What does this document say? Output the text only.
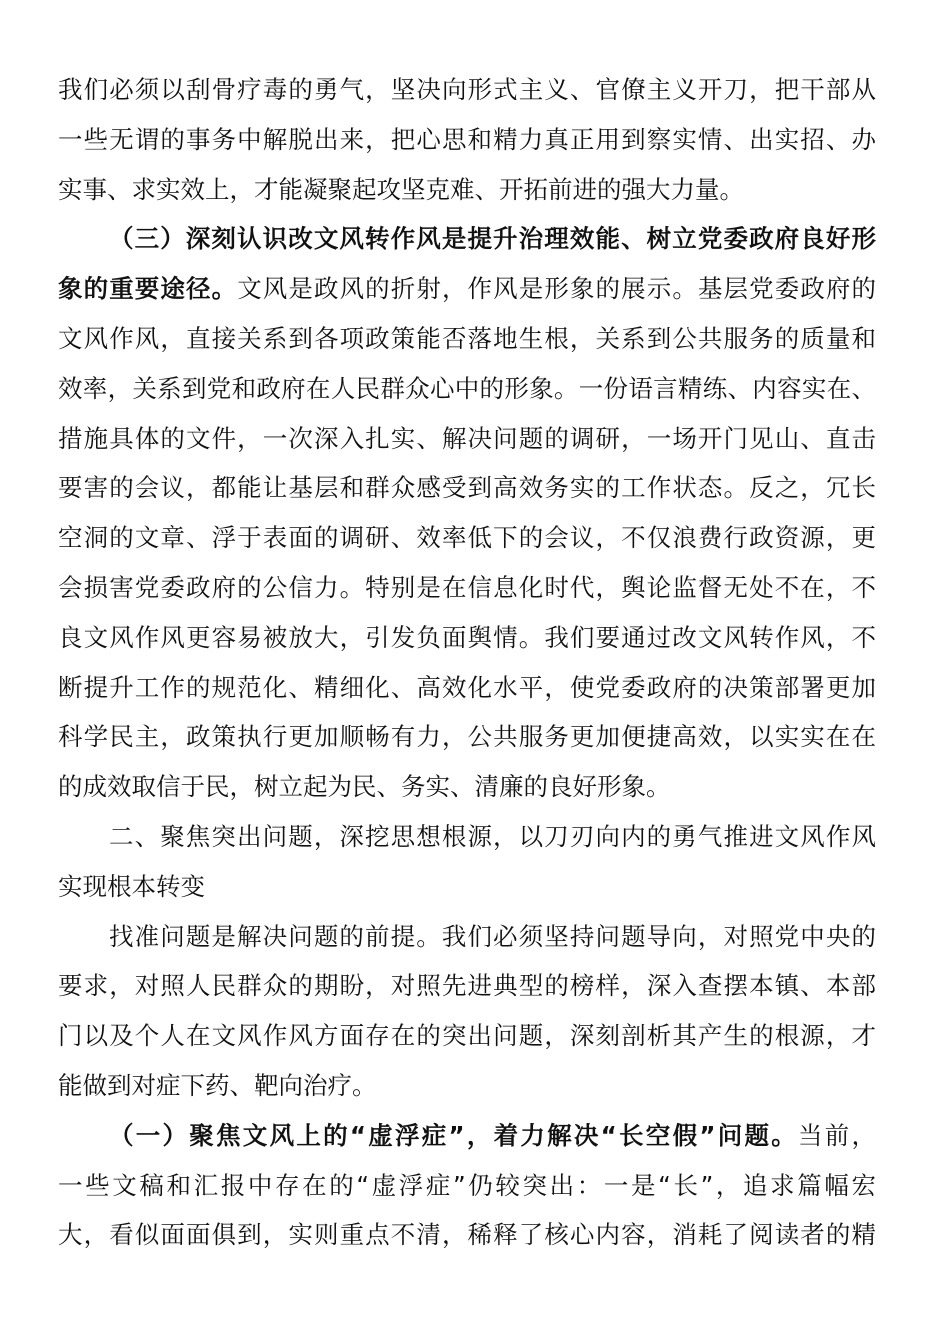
我们必须以刮骨疗毒的勇气，坚决向形式主义、官僚主义开刀，把干部从
一些无谓的事务中解脱出来，把心思和精力真正用到察实情、出实招、办
实事、求实效上，才能凝聚起攻坚克难、开拓前进的强大力量。
（三）深刻认识改文风转作风是提升治理效能、树立党委政府良好形
象的重要途径。文风是政风的折射，作风是形象的展示。基层党委政府的
文风作风，直接关系到各项政策能否落地生根，关系到公共服务的质量和
效率，关系到党和政府在人民群众心中的形象。一份语言精练、内容实在、
措施具体的文件，一次深入扎实、解决问题的调研，一场开门见山、直击
要害的会议，都能让基层和群众感受到高效务实的工作状态。反之，冗长
空洞的文章、浮于表面的调研、效率低下的会议，不仅浪费行政资源，更
会损害党委政府的公信力。特别是在信息化时代，舆论监督无处不在，不
良文风作风更容易被放大，引发负面舆情。我们要通过改文风转作风，不
断提升工作的规范化、精细化、高效化水平，使党委政府的决策部署更加
科学民主，政策执行更加顺畅有力，公共服务更加便捷高效，以实实在在
的成效取信于民，树立起为民、务实、清廉的良好形象。
二、聚焦突出问题，深挖思想根源，以刀刃向内的勇气推进文风作风
实现根本转变
找准问题是解决问题的前提。我们必须坚持问题导向，对照党中央的
要求，对照人民群众的期盼，对照先进典型的榜样，深入查摆本镇、本部
门以及个人在文风作风方面存在的突出问题，深刻剖析其产生的根源，才
能做到对症下药、靶向治疗。
（一）聚焦文风上的“虚浮症”，着力解决“长空假”问题。当前，
一些文稿和汇报中存在的“虚浮症”仍较突出：一是“长”，追求篇幅宏
大，看似面面俱到，实则重点不清，稀释了核心内容，消耗了阅读者的精
